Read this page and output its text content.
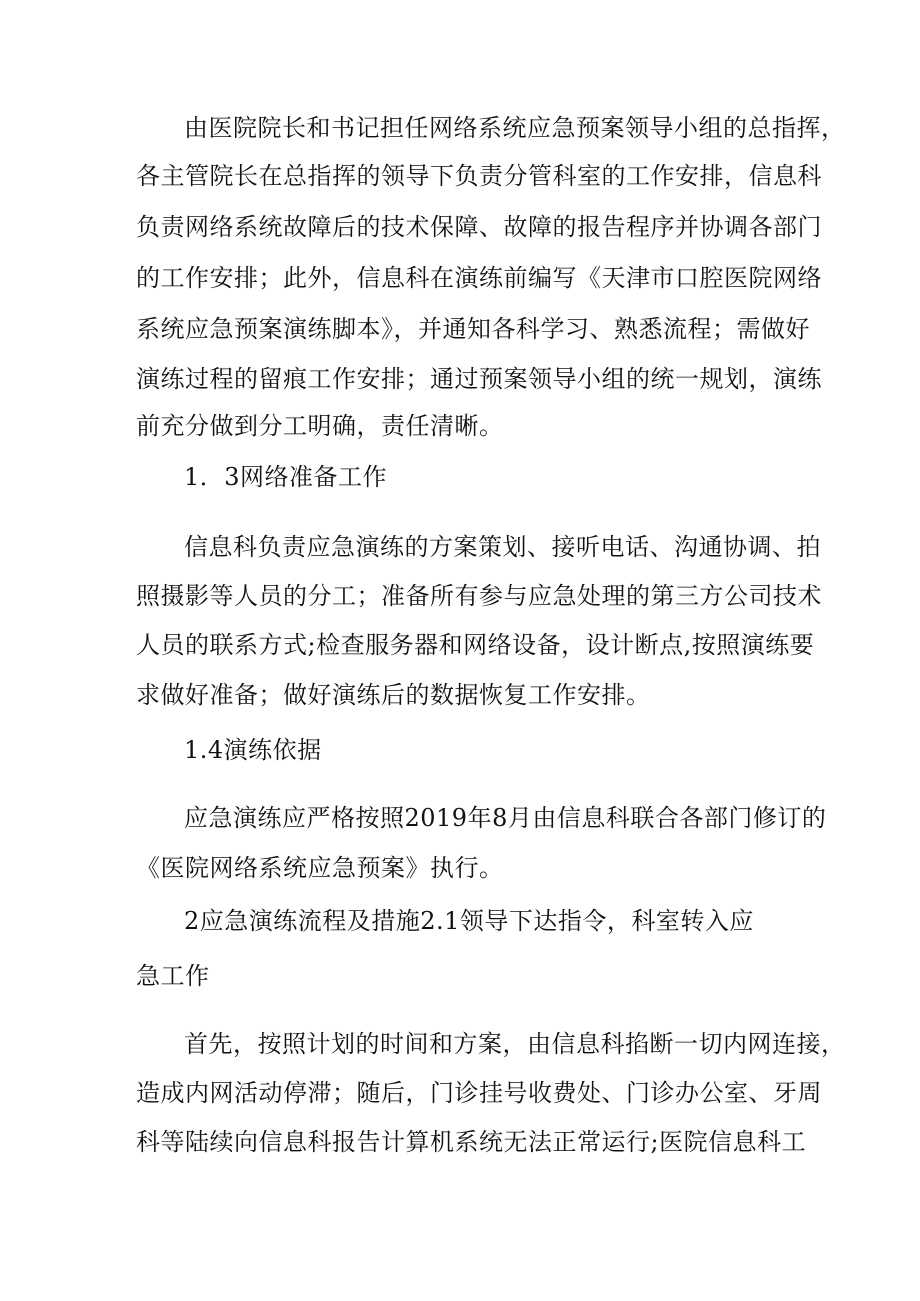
由医院院长和书记担任网络系统应急预案领导小组的总指挥，
各主管院长在总指挥的领导下负责分管科室的工作安排，信息科
负责网络系统故障后的技术保障、故障的报告程序并协调各部门
的工作安排；此外，信息科在演练前编写《天津市口腔医院网络
系统应急预案演练脚本》，并通知各科学习、熟悉流程；需做好
演练过程的留痕工作安排；通过预案领导小组的统一规划，演练
前充分做到分工明确，责任清晰。
1．3网络准备工作
信息科负责应急演练的方案策划、接听电话、沟通协调、拍
照摄影等人员的分工；准备所有参与应急处理的第三方公司技术
人员的联系方式;检查服务器和网络设备，设计断点,按照演练要
求做好准备；做好演练后的数据恢复工作安排。
1.4演练依据
应急演练应严格按照2019年8月由信息科联合各部门修订的
《医院网络系统应急预案》执行。
2应急演练流程及措施2.1领导下达指令，科室转入应
急工作
首先，按照计划的时间和方案，由信息科掐断一切内网连接，
造成内网活动停滞；随后，门诊挂号收费处、门诊办公室、牙周
科等陆续向信息科报告计算机系统无法正常运行;医院信息科工
